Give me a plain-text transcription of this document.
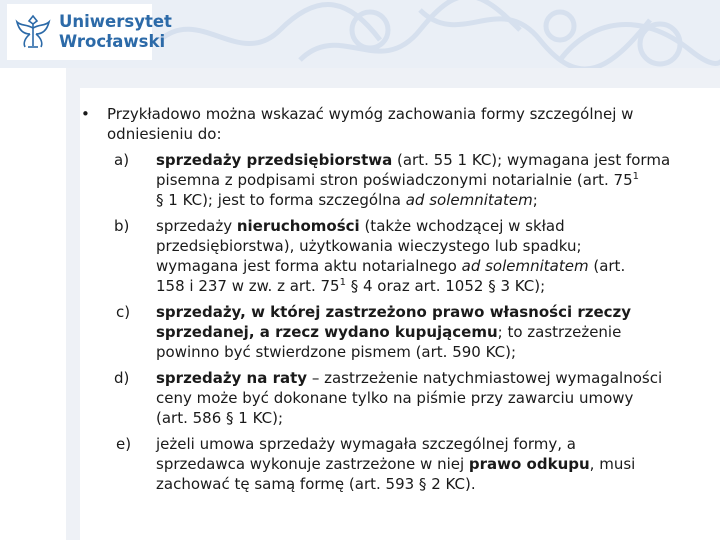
Uniwersytet
Wrocławski
• Przykładowo można wskazać wymóg zachowania formy szczególnej w
odniesieniu do:
a) sprzedaży przedsiębiorstwa (art. 55 1 KC); wymagana jest forma
pisemna z podpisami stron poświadczonymi notarialnie (art. $75^1$
§ 1 KC); jest to forma szczególna ad solemnitatem;
b) sprzedaży nieruchomości (także wchodzącej w skład
przedsiębiorstwa), użytkowania wieczystego lub spadku;
wymagana jest forma aktu notarialnego ad solemnitatem (art.
158 i 237 w zw. z art. $75^1$ § 4 oraz art. 1052 § 3 KC);
c) sprzedaży, w której zastrzeżono prawo własności rzeczy
sprzedanej, a rzecz wydano kupującemu; to zastrzeżenie
powinno być stwierdzone pismem (art. 590 KC);
d) sprzedaży na raty – zastrzeżenie natychmiastowej wymagalności
ceny może być dokonane tylko na piśmie przy zawarciu umowy
(art. 586 § 1 KC);
e) jeżeli umowa sprzedaży wymagała szczególnej formy, a
sprzedawca wykonuje zastrzeżone w niej prawo odkupu, musi
zachować tę samą formę (art. 593 § 2 KC).
